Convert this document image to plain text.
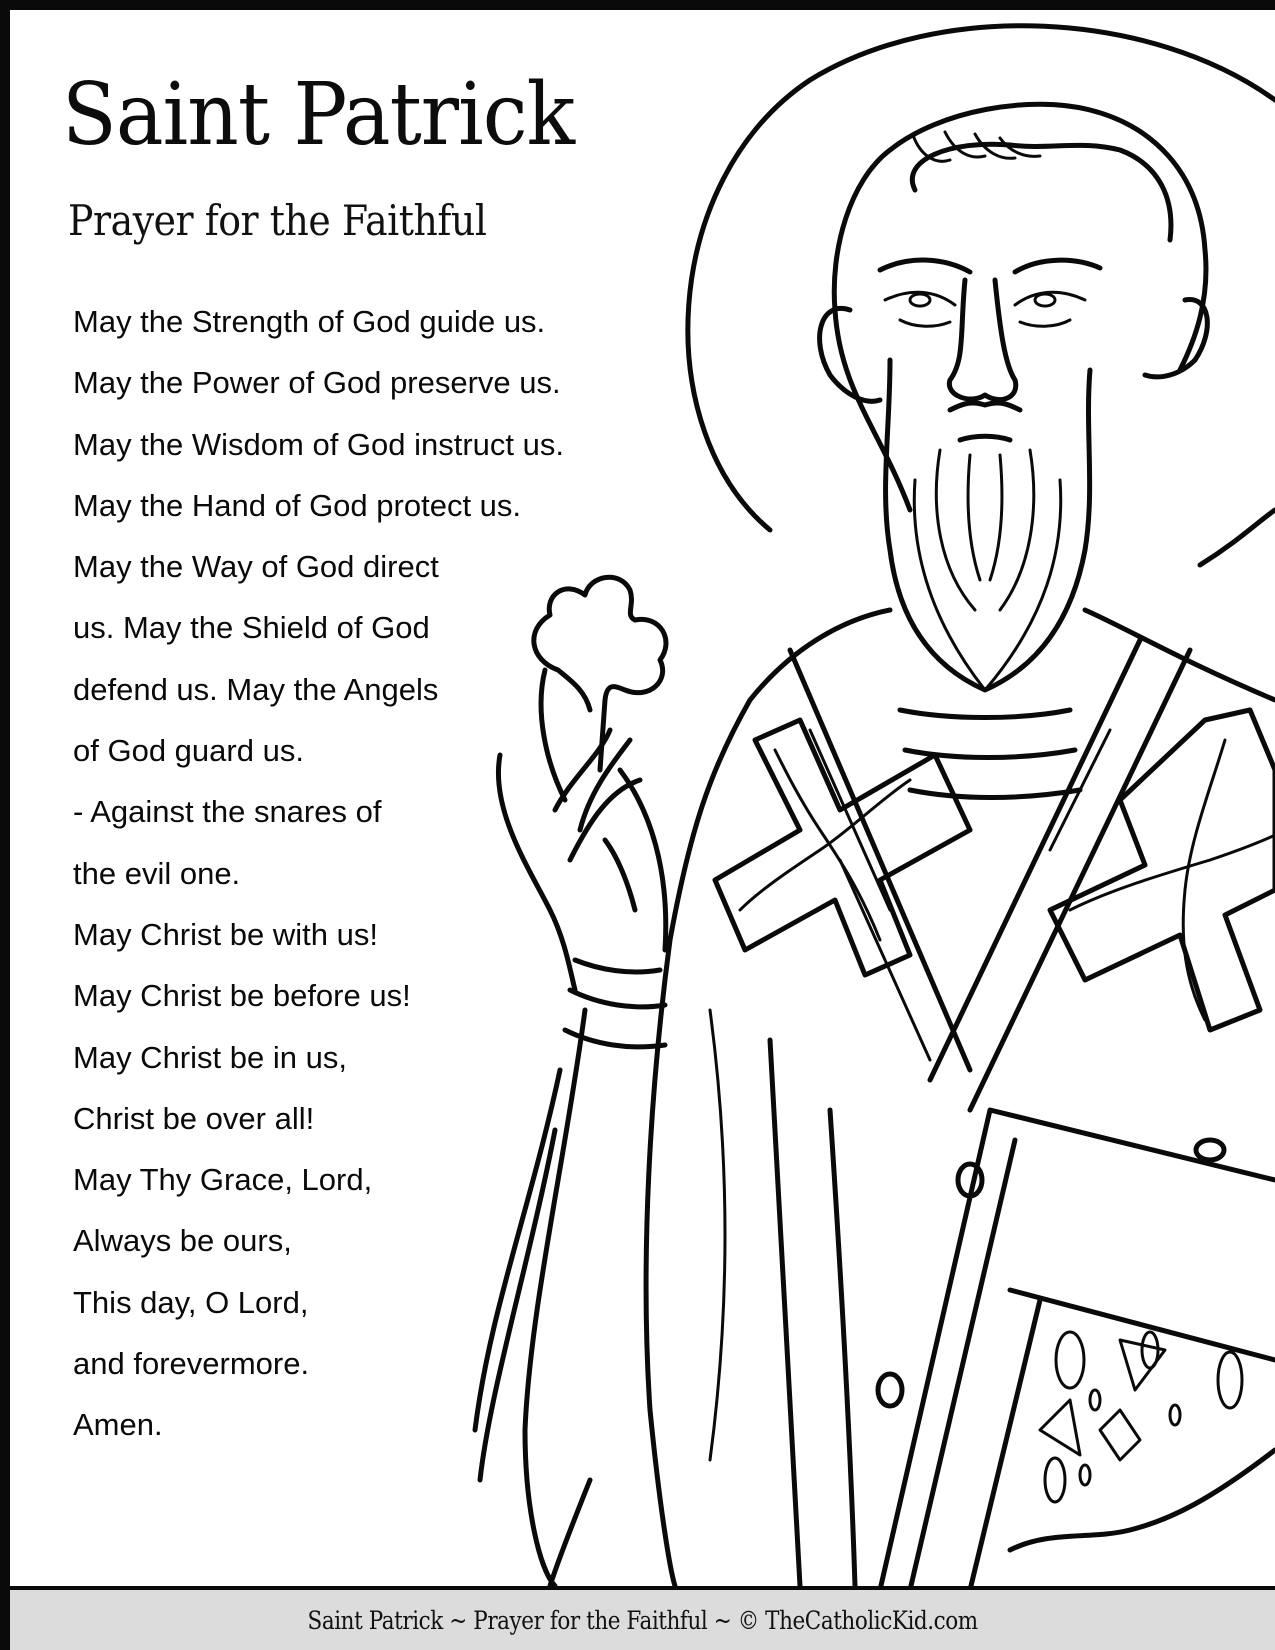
Saint Patrick
Prayer for the Faithful
May the Strength of God guide us.
May the Power of God preserve us.
May the Wisdom of God instruct us.
May the Hand of God protect us.
May the Way of God direct
us. May the Shield of God
defend us. May the Angels
of God guard us.
- Against the snares of
the evil one.
May Christ be with us!
May Christ be before us!
May Christ be in us,
Christ be over all!
May Thy Grace, Lord,
Always be ours,
This day, O Lord,
and forevermore.
Amen.
Saint Patrick ~ Prayer for the Faithful ~ © TheCatholicKid.com
